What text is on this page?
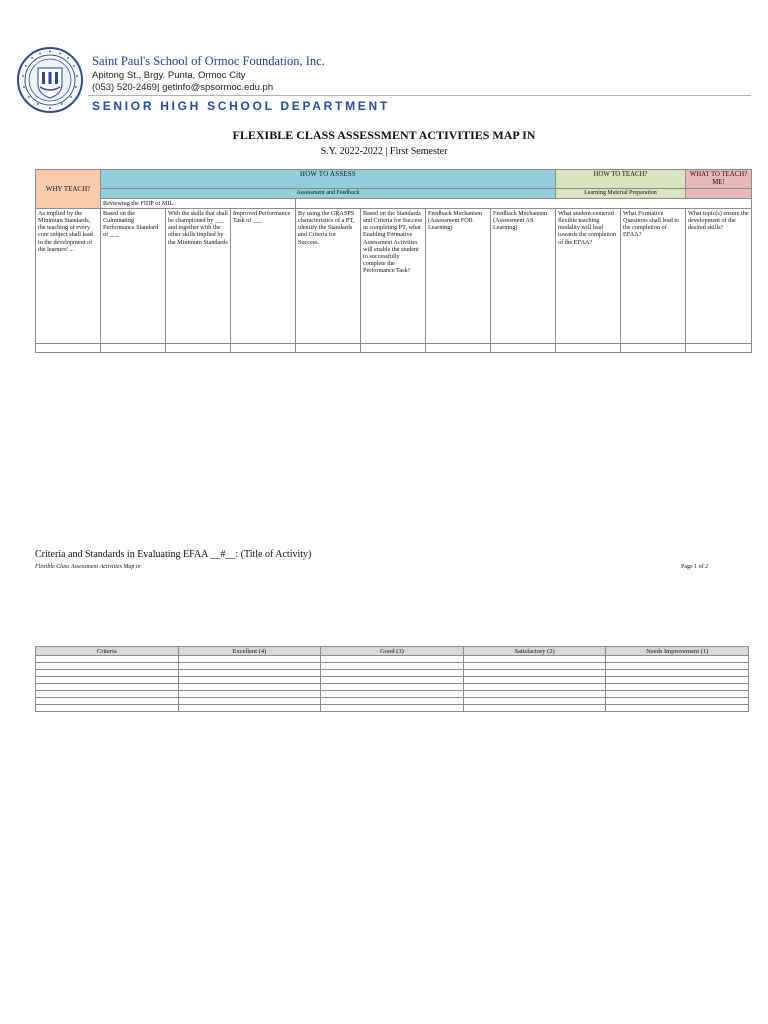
Saint Paul's School of Ormoc Foundation, Inc.
Apitong St., Brgy. Punta, Ormoc City
(053) 520-2469| getinfo@spsormoc.edu.ph
SENIOR HIGH SCHOOL DEPARTMENT
FLEXIBLE CLASS ASSESSMENT ACTIVITIES MAP IN
S.Y. 2022-2022 | First Semester
WHY TEACH?	HOW TO ASSESS							HOW TO TEACH?		WHAT TO TEACH? ME!
	Assessment and Feedback							Learning Material Preparation		
	Reviewing the FIDP of MIL									
As implied by the Minimum Standards, the teaching of every core subject shall lead to the development of the learners' ...	Based on the Culminating Performance Standard of ___	With the skills that shall be championed by ___ and together with the other skills implied by the Minimum Standards	Improved Performance Task of ___	By using the GRASPS characteristics of a PT, identify the Standards and Criteria for Success.	Based on the Standards and Criteria for Success in completing PT, what Enabling Formative Assessment Activities will enable the student to successfully complete the Performance Task?	Feedback Mechanism (Assessment FOR Learning)	Feedback Mechanism (Assessment AS Learning)	What student-centered flexible teaching modality will lead towards the completion of the EFAA?	What Formative Questions shall lead to the completion of EFAA?	What topic(s) ensure the development of the desired skills?

Criteria and Standards in Evaluating EFAA __#__: (Title of Activity)
Flexible Class Assessment Activities Map in	Page 1 of 2
Criteria	Excellent (4)	Good (3)	Satisfactory (2)	Needs Improvement (1)
